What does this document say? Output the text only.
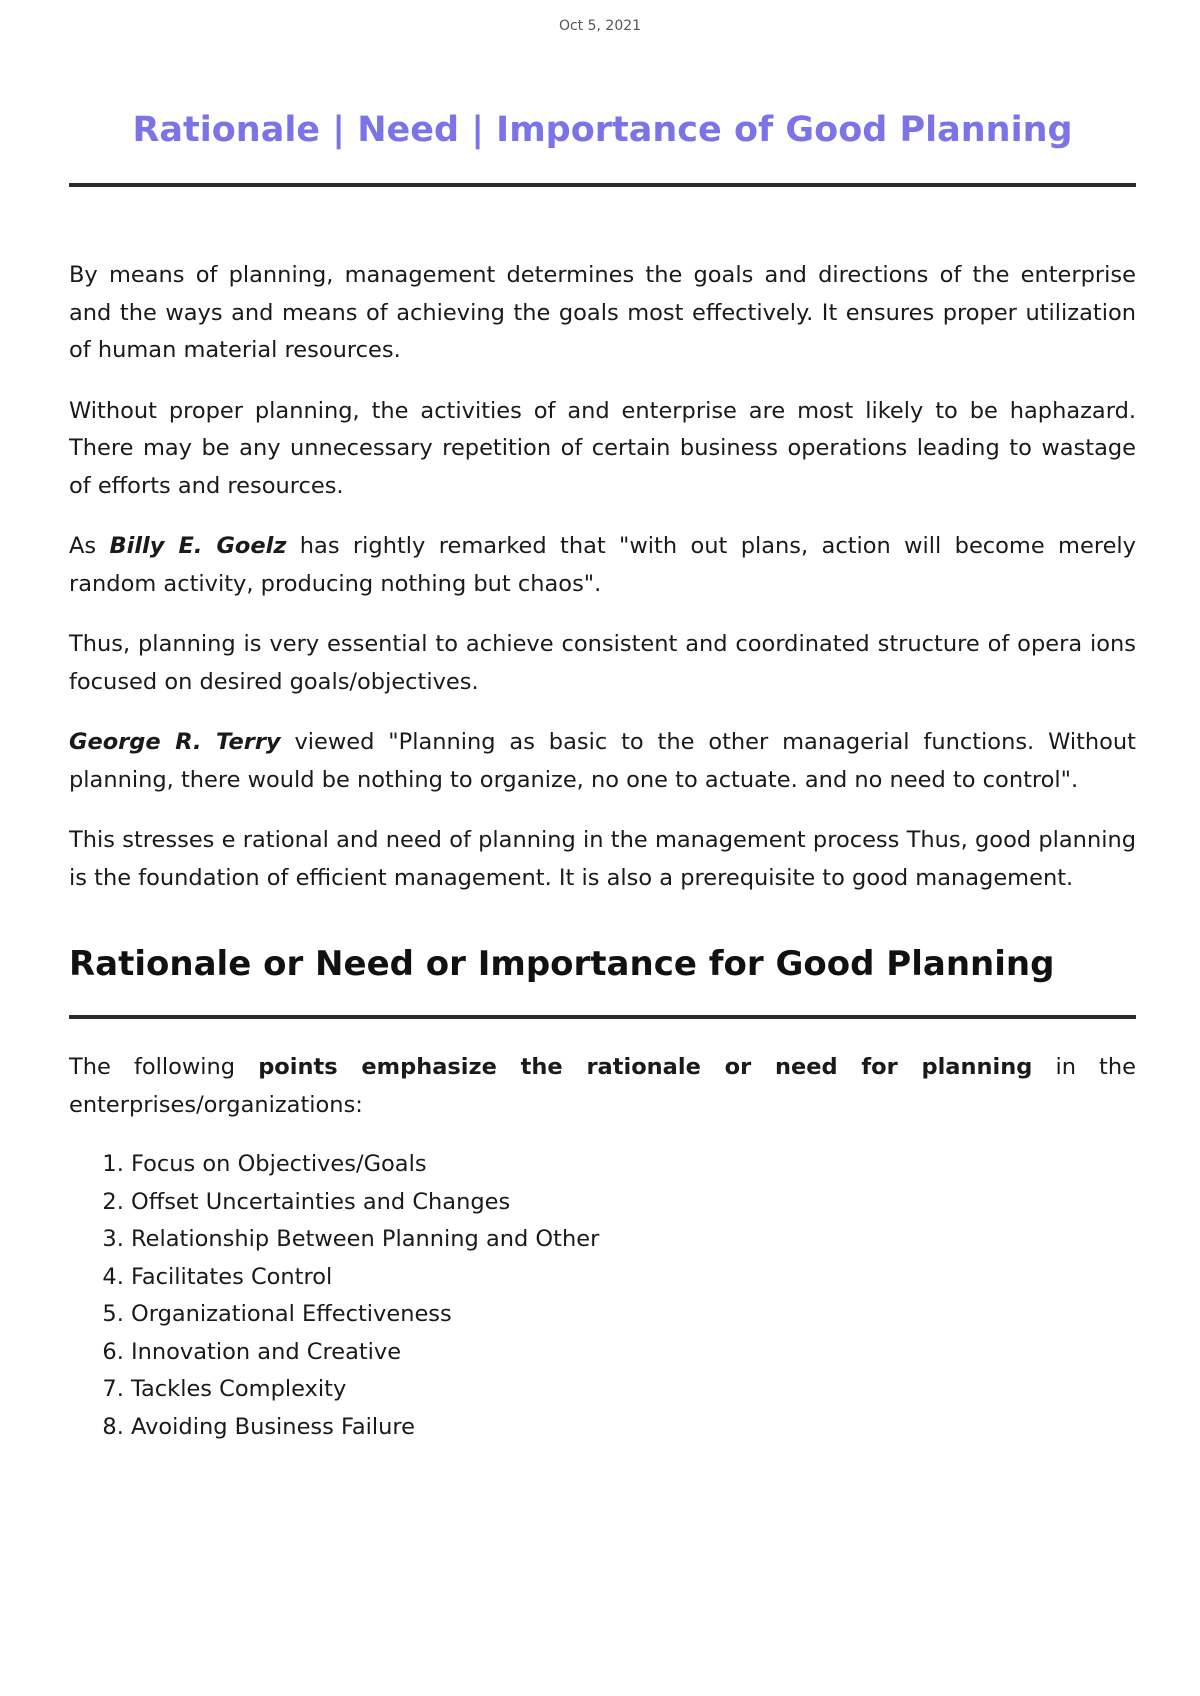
Oct 5, 2021
Rationale | Need | Importance of Good Planning

By means of planning, management determines the goals and directions of the enterprise and the ways and means of achieving the goals most effectively. It ensures proper utilization of human material resources.

Without proper planning, the activities of and enterprise are most likely to be haphazard. There may be any unnecessary repetition of certain business operations leading to wastage of efforts and resources.

As Billy E. Goelz has rightly remarked that "with out plans, action will become merely random activity, producing nothing but chaos".

Thus, planning is very essential to achieve consistent and coordinated structure of opera ions focused on desired goals/objectives.

George R. Terry viewed "Planning as basic to the other managerial functions. Without planning, there would be nothing to organize, no one to actuate. and no need to control".

This stresses e rational and need of planning in the management process Thus, good planning is the foundation of efficient management. It is also a prerequisite to good management.

Rationale or Need or Importance for Good Planning

The following points emphasize the rationale or need for planning in the enterprises/organizations:

1. Focus on Objectives/Goals
2. Offset Uncertainties and Changes
3. Relationship Between Planning and Other
4. Facilitates Control
5. Organizational Effectiveness
6. Innovation and Creative
7. Tackles Complexity
8. Avoiding Business Failure
